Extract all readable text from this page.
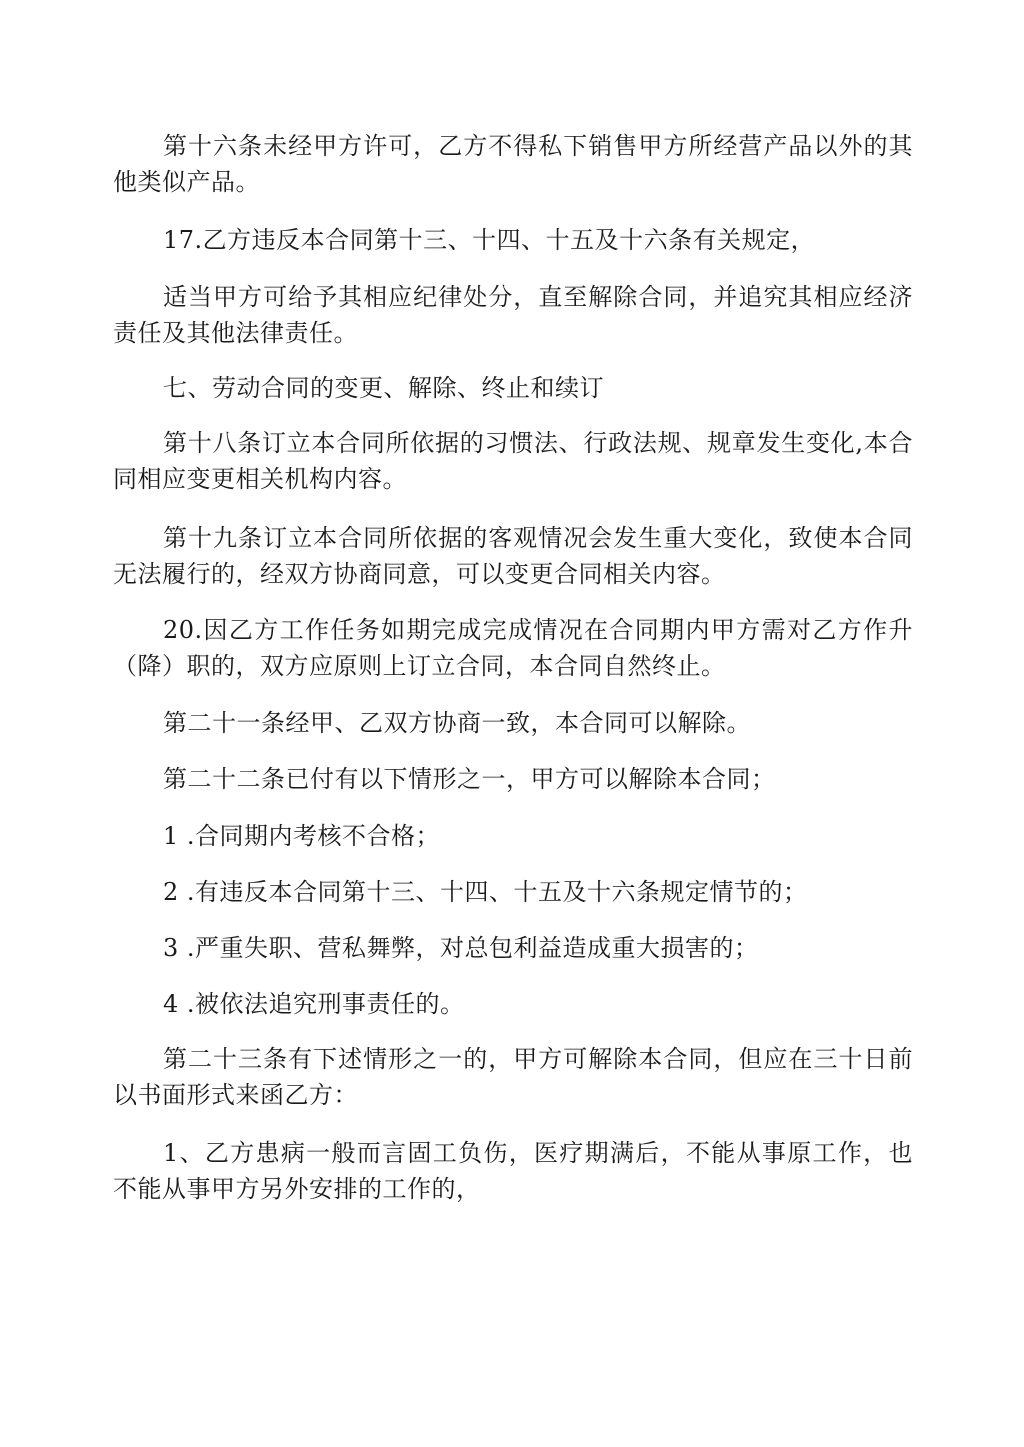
第十六条未经甲方许可，乙方不得私下销售甲方所经营产品以外的其他类似产品。

17.乙方违反本合同第十三、十四、十五及十六条有关规定，

适当甲方可给予其相应纪律处分，直至解除合同，并追究其相应经济责任及其他法律责任。

七、劳动合同的变更、解除、终止和续订

第十八条订立本合同所依据的习惯法、行政法规、规章发生变化,本合同相应变更相关机构内容。

第十九条订立本合同所依据的客观情况会发生重大变化，致使本合同无法履行的，经双方协商同意，可以变更合同相关内容。

20.因乙方工作任务如期完成完成情况在合同期内甲方需对乙方作升（降）职的，双方应原则上订立合同，本合同自然终止。

第二十一条经甲、乙双方协商一致，本合同可以解除。

第二十二条已付有以下情形之一，甲方可以解除本合同；

1 .合同期内考核不合格；

2 .有违反本合同第十三、十四、十五及十六条规定情节的；

3 .严重失职、营私舞弊，对总包利益造成重大损害的；

4 .被依法追究刑事责任的。

第二十三条有下述情形之一的，甲方可解除本合同，但应在三十日前以书面形式来函乙方：

1、乙方患病一般而言固工负伤，医疗期满后，不能从事原工作，也不能从事甲方另外安排的工作的，
